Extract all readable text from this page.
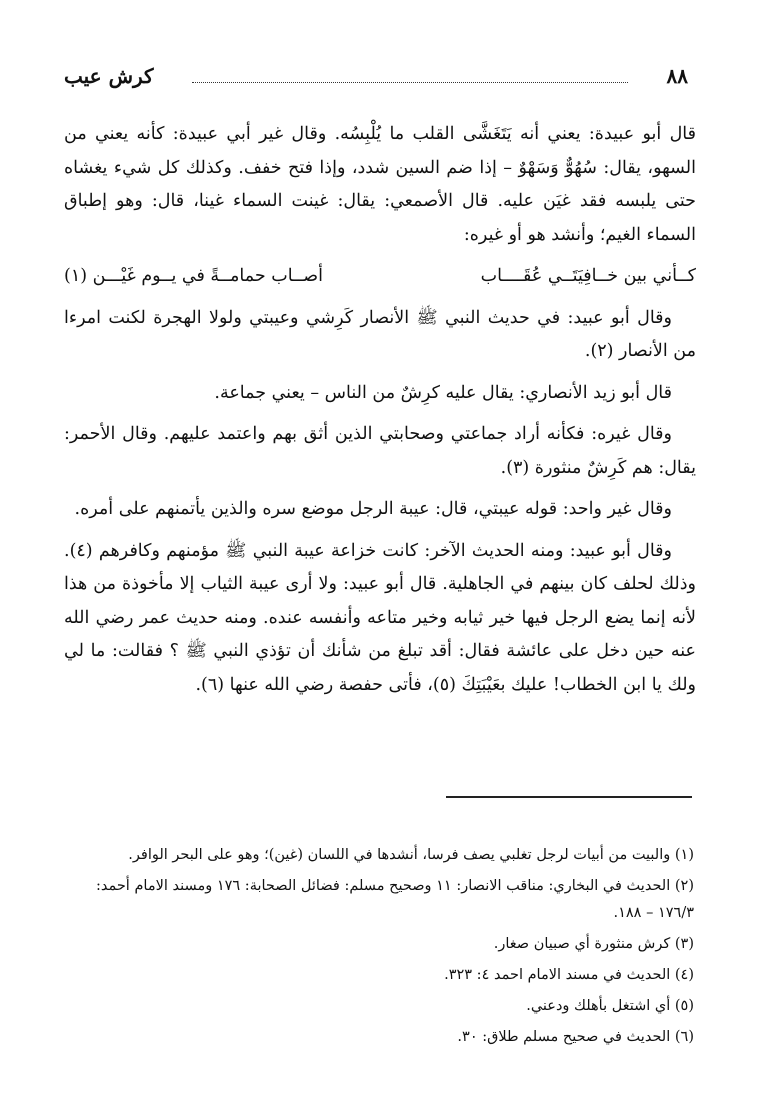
٨٨
كرش عيب

قال أبو عبيدة: يعني أنه يَتَغَشَّى القلب ما يُلْبِسُه. وقال غير أبي عبيدة: كأنه يعني من السهو، يقال: سُهُوٌّ وَسَهْوٌ – إذا ضم السين شدد، وإذا فتح خفف. وكذلك كل شيء يغشاه حتى يلبسه فقد غيَن عليه. قال الأصمعي: يقال: غينت السماء غينا، قال: وهو إطباق السماء الغيم؛ وأنشد هو أو غيره:

كــأني بين خــافِيَتَــي عُقَــــاب
أصــاب حمامــةً في يــوم غَيْـــن (١)

وقال أبو عبيد: في حديث النبي ﷺ الأنصار كَرِشي وعيبتي ولولا الهجرة لكنت امرءا من الأنصار (٢).

قال أبو زيد الأنصاري: يقال عليه كرِشٌ من الناس – يعني جماعة.

وقال غيره: فكأنه أراد جماعتي وصحابتي الذين أثق بهم واعتمد عليهم. وقال الأحمر: يقال: هم كَرِشٌ منثورة (٣).

وقال غير واحد: قوله عيبتي، قال: عيبة الرجل موضع سره والذين يأتمنهم على أمره.

وقال أبو عبيد: ومنه الحديث الآخر: كانت خزاعة عيبة النبي ﷺ مؤمنهم وكافرهم (٤). وذلك لحلف كان بينهم في الجاهلية. قال أبو عبيد: ولا أرى عيبة الثياب إلا مأخوذة من هذا لأنه إنما يضع الرجل فيها خير ثيابه وخير متاعه وأنفسه عنده. ومنه حديث عمر رضي الله عنه حين دخل على عائشة فقال: أقد تبلغ من شأنك أن تؤذي النبي ﷺ ؟ فقالت: ما لي ولك يا ابن الخطاب! عليك بعَيْبَتِكَ (٥)، فأتى حفصة رضي الله عنها (٦).

(١) والبيت من أبيات لرجل تغلبي يصف فرسا، أنشدها في اللسان (غين)؛ وهو على البحر الوافر.
(٢) الحديث في البخاري: مناقب الانصار: ١١ وصحيح مسلم: فضائل الصحابة: ١٧٦ ومسند الامام أحمد: ١٧٦/٣ – ١٨٨.
(٣) كرش منثورة أي صبيان صغار.
(٤) الحديث في مسند الامام احمد ٤: ٣٢٣.
(٥) أي اشتغل بأهلك ودعني.
(٦) الحديث في صحيح مسلم طلاق: ٣٠.
